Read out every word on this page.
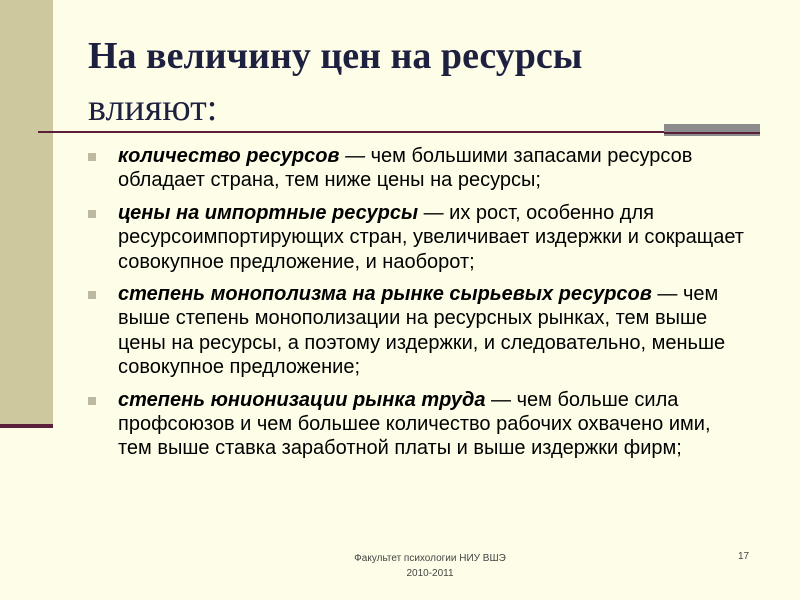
На величину цен на ресурсы
влияют:
количество ресурсов — чем большими запасами ресурсов обладает страна, тем ниже цены на ресурсы;
цены на импортные ресурсы — их рост, особенно для ресурсоимпортирующих стран, увеличивает издержки и сокращает совокупное предложение, и наоборот;
степень монополизма на рынке сырьевых ресурсов — чем выше степень монополизации на ресурсных рынках, тем выше цены на ресурсы, а поэтому издержки, и следовательно, меньше совокупное предложение;
степень юнионизации рынка труда — чем больше сила профсоюзов и чем большее количество рабочих охвачено ими, тем выше ставка заработной платы и выше издержки фирм;
Факультет психологии НИУ ВШЭ
2010-2011
17
